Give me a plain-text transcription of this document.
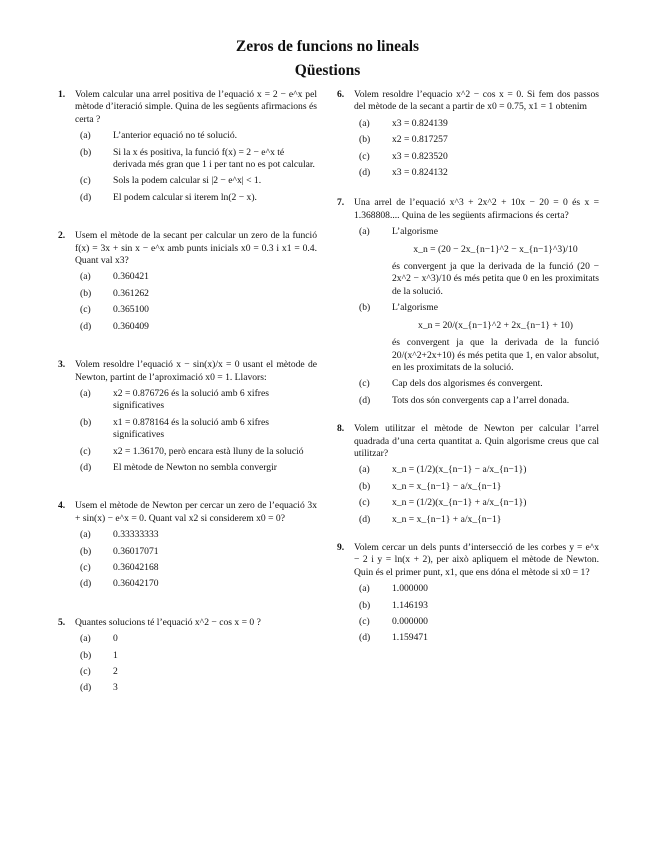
Zeros de funcions no lineals
Qüestions
1. Volem calcular una arrel positiva de l’equació x = 2 − e^x pel mètode d’iteració simple. Quina de les següents afirmacions és certa ?
(a) L’anterior equació no té solució.
(b) Si la x és positiva, la funció f(x) = 2 − e^x té derivada més gran que 1 i per tant no es pot calcular.
(c) Sols la podem calcular si |2 − e^x| < 1.
(d) El podem calcular si iterem ln(2 − x).
2. Usem el mètode de la secant per calcular un zero de la funció f(x) = 3x + sin x − e^x amb punts inicials x0 = 0.3 i x1 = 0.4. Quant val x3?
(a) 0.360421
(b) 0.361262
(c) 0.365100
(d) 0.360409
3. Volem resoldre l’equació x − sin(x)/x = 0 usant el mètode de Newton, partint de l’aproximació x0 = 1. Llavors:
(a) x2 = 0.876726 és la solució amb 6 xifres significatives
(b) x1 = 0.878164 és la solució amb 6 xifres significatives
(c) x2 = 1.36170, però encara està lluny de la solució
(d) El mètode de Newton no sembla convergir
4. Usem el mètode de Newton per cercar un zero de l’equació 3x + sin(x) − e^x = 0. Quant val x2 si considerem x0 = 0?
(a) 0.33333333
(b) 0.36017071
(c) 0.36042168
(d) 0.36042170
5. Quantes solucions té l’equació x^2 − cos x = 0 ?
(a) 0
(b) 1
(c) 2
(d) 3
6. Volem resoldre l’equacio x^2 − cos x = 0. Si fem dos passos del mètode de la secant a partir de x0 = 0.75, x1 = 1 obtenim
(a) x3 = 0.824139
(b) x2 = 0.817257
(c) x3 = 0.823520
(d) x3 = 0.824132
7. Una arrel de l’equació x^3 + 2x^2 + 10x − 20 = 0 és x = 1.368808.... Quina de les següents afirmacions és certa?
(a) L’algorisme
x_n = (20 − 2x_{n−1}^2 − x_{n−1}^3)/10
és convergent ja que la derivada de la funció (20 − 2x^2 − x^3)/10 és més petita que 0 en les proximitats de la solució.
(b) L’algorisme
x_n = 20/(x_{n−1}^2 + 2x_{n−1} + 10)
és convergent ja que la derivada de la funció 20/(x^2+2x+10) és més petita que 1, en valor absolut, en les proximitats de la solució.
(c) Cap dels dos algorismes és convergent.
(d) Tots dos són convergents cap a l’arrel donada.
8. Volem utilitzar el mètode de Newton per calcular l’arrel quadrada d’una certa quantitat a. Quin algorisme creus que cal utilitzar?
(a) x_n = (1/2)(x_{n−1} − a/x_{n−1})
(b) x_n = x_{n−1} − a/x_{n−1}
(c) x_n = (1/2)(x_{n−1} + a/x_{n−1})
(d) x_n = x_{n−1} + a/x_{n−1}
9. Volem cercar un dels punts d’intersecció de les corbes y = e^x − 2 i y = ln(x + 2), per això apliquem el mètode de Newton. Quin és el primer punt, x1, que ens dóna el mètode si x0 = 1?
(a) 1.000000
(b) 1.146193
(c) 0.000000
(d) 1.159471
